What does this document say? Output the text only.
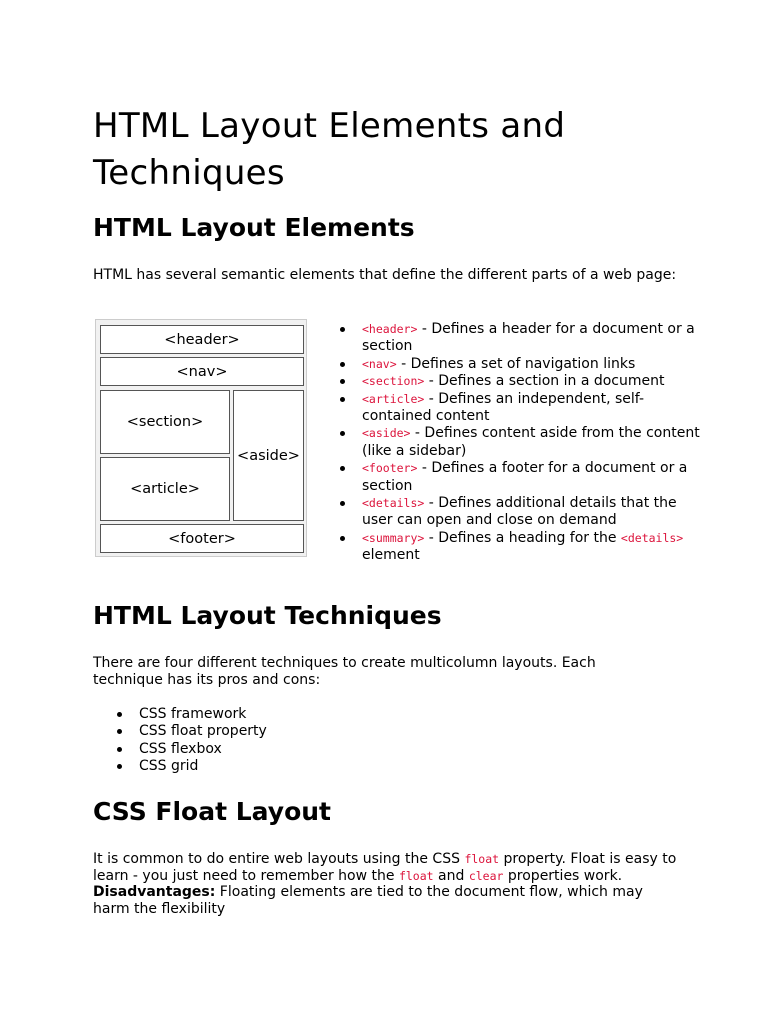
HTML Layout Elements and Techniques
HTML Layout Elements

HTML has several semantic elements that define the different parts of a web page:

<header>
<nav>
<section>
<article>
<aside>
<footer>
<header> - Defines a header for a document or a section
<nav> - Defines a set of navigation links
<section> - Defines a section in a document
<article> - Defines an independent, self-contained content
<aside> - Defines content aside from the content (like a sidebar)
<footer> - Defines a footer for a document or a section
<details> - Defines additional details that the user can open and close on demand
<summary> - Defines a heading for the <details> element
HTML Layout Techniques

There are four different techniques to create multicolumn layouts. Each technique has its pros and cons:

CSS framework
CSS float property
CSS flexbox
CSS grid
CSS Float Layout

It is common to do entire web layouts using the CSS float property. Float is easy to learn - you just need to remember how the float and clear properties work. Disadvantages: Floating elements are tied to the document flow, which may harm the flexibility
